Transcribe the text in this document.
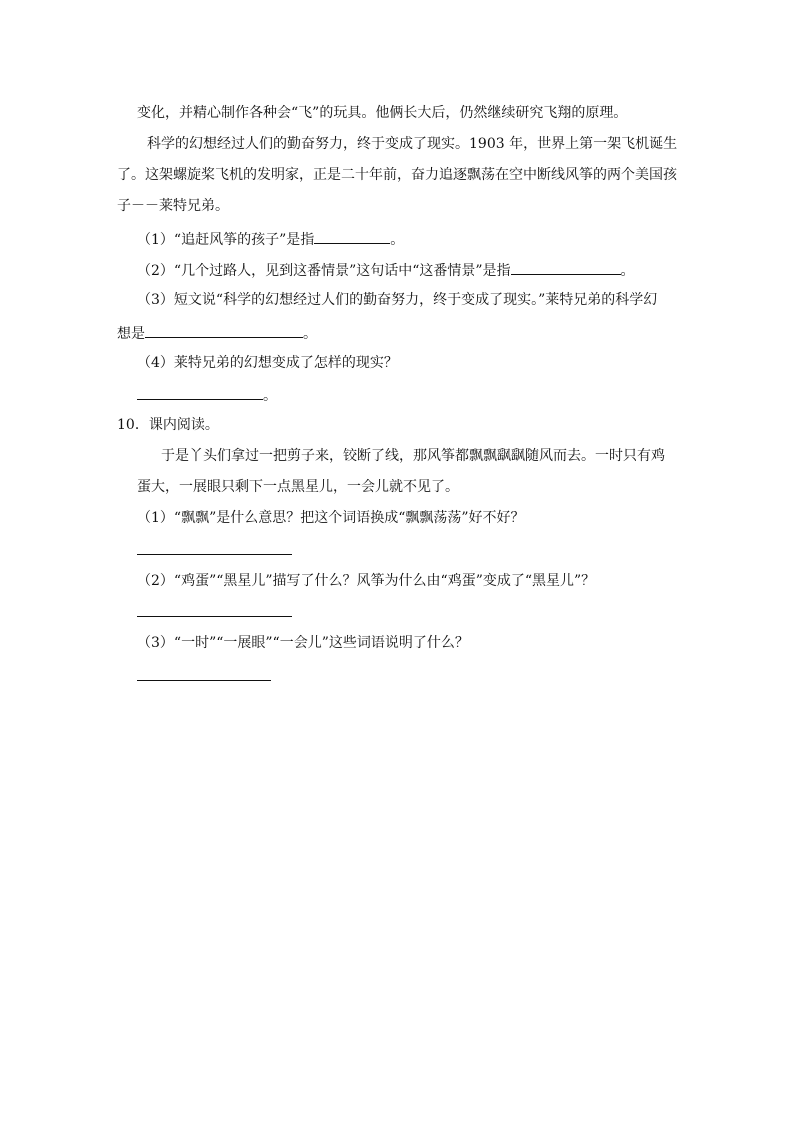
变化，并精心制作各种会“飞”的玩具。他俩长大后，仍然继续研究飞翔的原理。
科学的幻想经过人们的勤奋努力，终于变成了现实。1903 年，世界上第一架飞机诞生
了。这架螺旋桨飞机的发明家，正是二十年前，奋力追逐飘荡在空中断线风筝的两个美国孩
子－－莱特兄弟。
（1）“追赶风筝的孩子”是指	。
（2）“几个过路人，见到这番情景”这句话中“这番情景”是指	。
（3）短文说“科学的幻想经过人们的勤奋努力，终于变成了现实。”莱特兄弟的科学幻
想是	。
（4）莱特兄弟的幻想变成了怎样的现实？
。
10．课内阅读。
于是丫头们拿过一把剪子来，铰断了线，那风筝都飘飘飖飖随风而去。一时只有鸡
蛋大，一展眼只剩下一点黑星儿，一会儿就不见了。
（1）“飘飘”是什么意思？把这个词语换成“飘飘荡荡”好不好？
（2）“鸡蛋”“黑星儿”描写了什么？风筝为什么由“鸡蛋”变成了“黑星儿”？
（3）“一时”“一展眼”“一会儿”这些词语说明了什么？
